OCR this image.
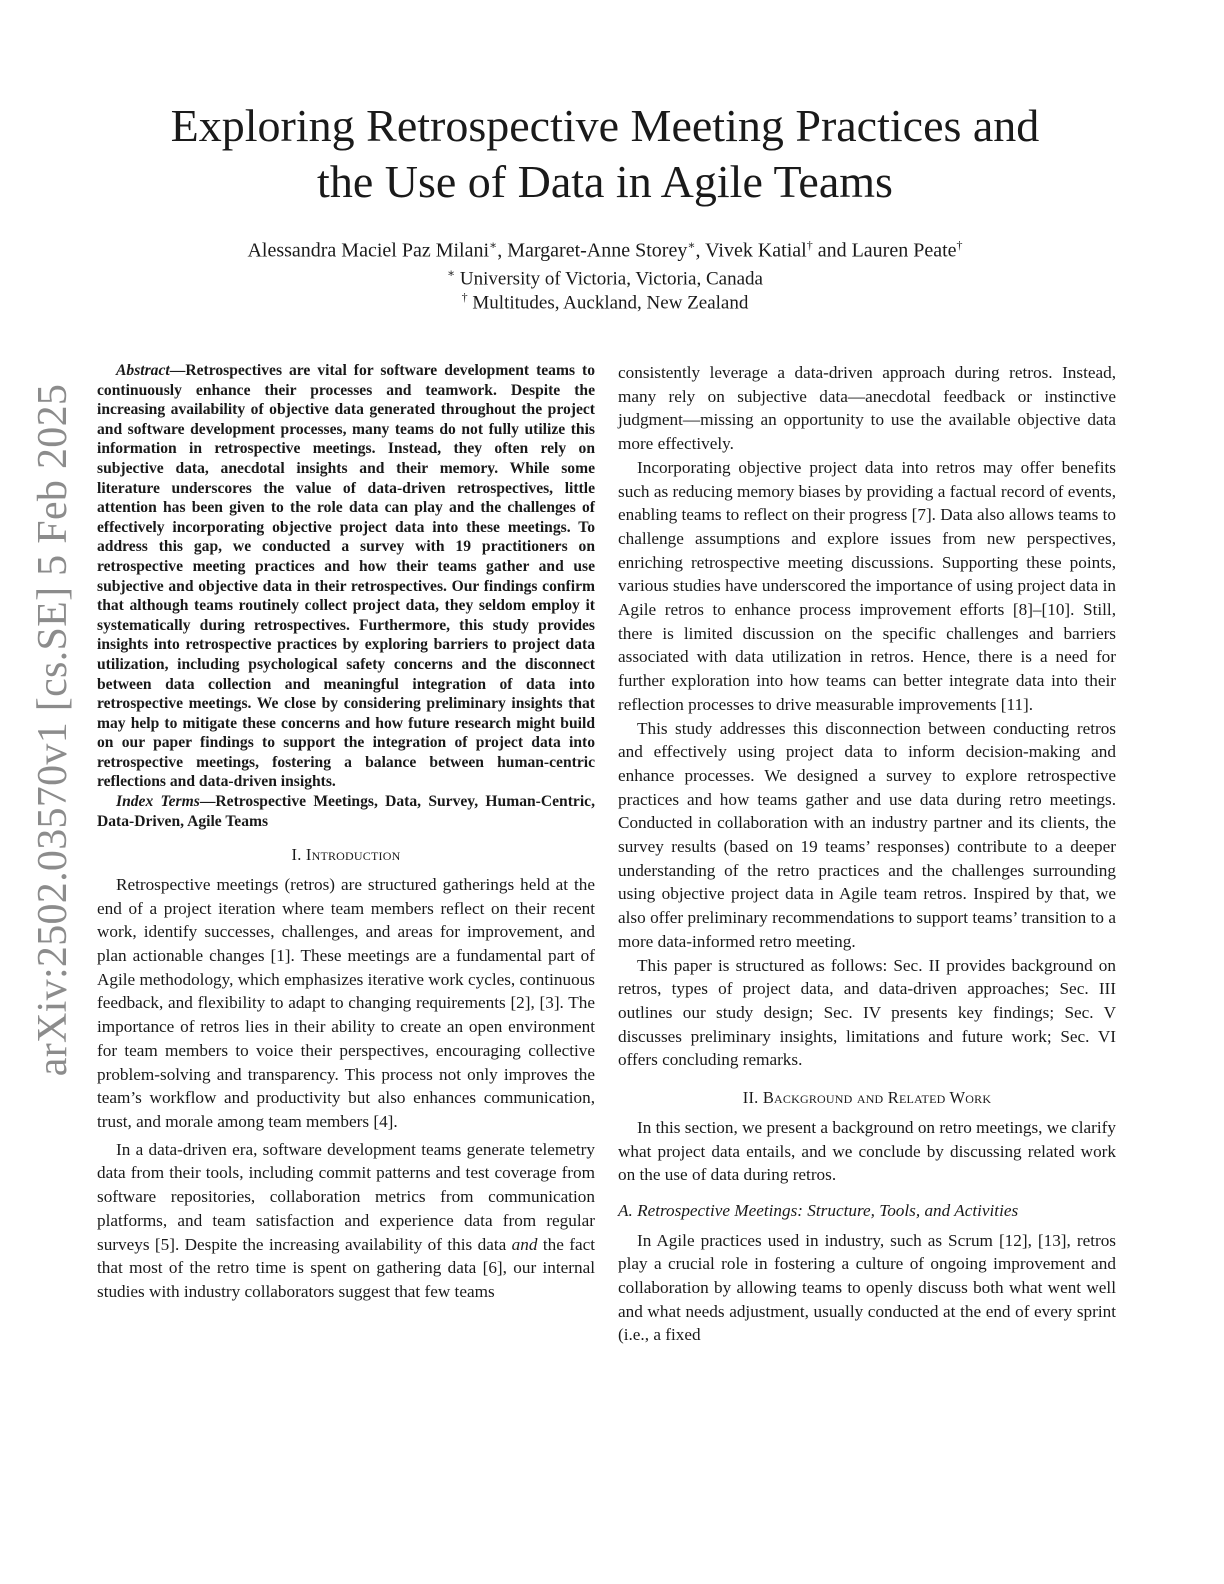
arXiv:2502.03570v1 [cs.SE] 5 Feb 2025
Exploring Retrospective Meeting Practices and the Use of Data in Agile Teams
Alessandra Maciel Paz Milani∗, Margaret-Anne Storey∗, Vivek Katial† and Lauren Peate†
∗ University of Victoria, Victoria, Canada
† Multitudes, Auckland, New Zealand

Abstract—Retrospectives are vital for software development teams to continuously enhance their processes and teamwork. Despite the increasing availability of objective data generated throughout the project and software development processes, many teams do not fully utilize this information in retrospective meetings. Instead, they often rely on subjective data, anecdotal insights and their memory. While some literature underscores the value of data-driven retrospectives, little attention has been given to the role data can play and the challenges of effectively incorporating objective project data into these meetings. To address this gap, we conducted a survey with 19 practitioners on retrospective meeting practices and how their teams gather and use subjective and objective data in their retrospectives. Our findings confirm that although teams routinely collect project data, they seldom employ it systematically during retrospectives. Furthermore, this study provides insights into retrospective practices by exploring barriers to project data utilization, including psychological safety concerns and the disconnect between data collection and meaningful integration of data into retrospective meetings. We close by considering preliminary insights that may help to mitigate these concerns and how future research might build on our paper findings to support the integration of project data into retrospective meetings, fostering a balance between human-centric reflections and data-driven insights.

Index Terms—Retrospective Meetings, Data, Survey, Human-Centric, Data-Driven, Agile Teams

I. Introduction

Retrospective meetings (retros) are structured gatherings held at the end of a project iteration where team members reflect on their recent work, identify successes, challenges, and areas for improvement, and plan actionable changes [1]. These meetings are a fundamental part of Agile methodology, which emphasizes iterative work cycles, continuous feedback, and flexibility to adapt to changing requirements [2], [3]. The importance of retros lies in their ability to create an open environment for team members to voice their perspectives, encouraging collective problem-solving and transparency. This process not only improves the team’s workflow and productivity but also enhances communication, trust, and morale among team members [4].

In a data-driven era, software development teams generate telemetry data from their tools, including commit patterns and test coverage from software repositories, collaboration metrics from communication platforms, and team satisfaction and experience data from regular surveys [5]. Despite the increasing availability of this data and the fact that most of the retro time is spent on gathering data [6], our internal studies with industry collaborators suggest that few teams

consistently leverage a data-driven approach during retros. Instead, many rely on subjective data—anecdotal feedback or instinctive judgment—missing an opportunity to use the available objective data more effectively.

Incorporating objective project data into retros may offer benefits such as reducing memory biases by providing a factual record of events, enabling teams to reflect on their progress [7]. Data also allows teams to challenge assumptions and explore issues from new perspectives, enriching retrospective meeting discussions. Supporting these points, various studies have underscored the importance of using project data in Agile retros to enhance process improvement efforts [8]–[10]. Still, there is limited discussion on the specific challenges and barriers associated with data utilization in retros. Hence, there is a need for further exploration into how teams can better integrate data into their reflection processes to drive measurable improvements [11].

This study addresses this disconnection between conducting retros and effectively using project data to inform decision-making and enhance processes. We designed a survey to explore retrospective practices and how teams gather and use data during retro meetings. Conducted in collaboration with an industry partner and its clients, the survey results (based on 19 teams’ responses) contribute to a deeper understanding of the retro practices and the challenges surrounding using objective project data in Agile team retros. Inspired by that, we also offer preliminary recommendations to support teams’ transition to a more data-informed retro meeting.

This paper is structured as follows: Sec. II provides background on retros, types of project data, and data-driven approaches; Sec. III outlines our study design; Sec. IV presents key findings; Sec. V discusses preliminary insights, limitations and future work; Sec. VI offers concluding remarks.

II. Background and Related Work

In this section, we present a background on retro meetings, we clarify what project data entails, and we conclude by discussing related work on the use of data during retros.

A. Retrospective Meetings: Structure, Tools, and Activities

In Agile practices used in industry, such as Scrum [12], [13], retros play a crucial role in fostering a culture of ongoing improvement and collaboration by allowing teams to openly discuss both what went well and what needs adjustment, usually conducted at the end of every sprint (i.e., a fixed
